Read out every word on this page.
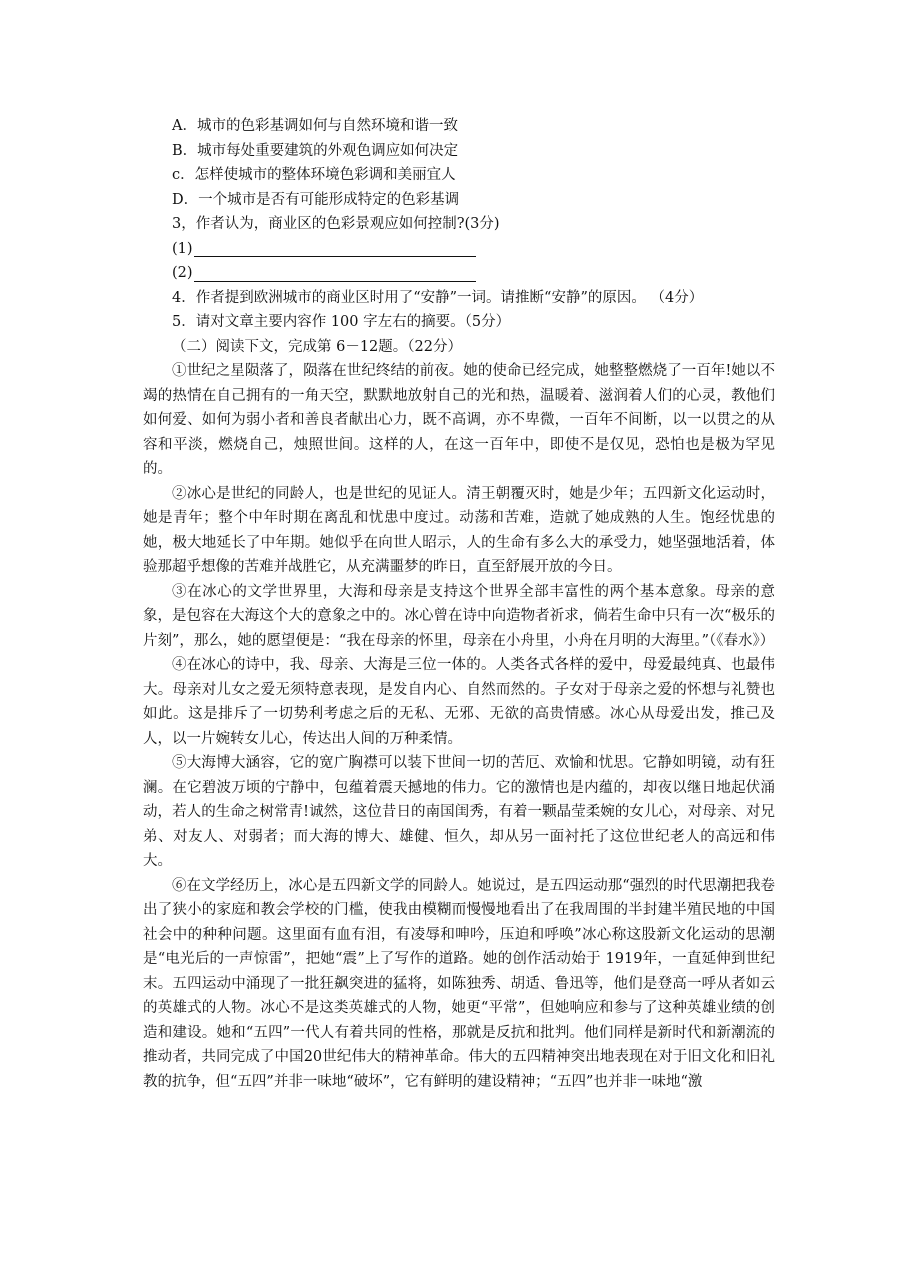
A．城市的色彩基调如何与自然环境和谐一致
B．城市每处重要建筑的外观色调应如何决定
c．怎样使城市的整体环境色彩调和美丽宜人
D．一个城市是否有可能形成特定的色彩基调
3，作者认为，商业区的色彩景观应如何控制?(3分)
(1)
(2)

4．作者提到欧洲城市的商业区时用了“安静”一词。请推断“安静”的原因。 （4分）

5．请对文章主要内容作 100 字左右的摘要。（5分）
（二）阅读下文，完成第 6－12题。（22分）

①世纪之星陨落了，陨落在世纪终结的前夜。她的使命已经完成，她整整燃烧了一百年!她以不竭的热情在自己拥有的一角天空，默默地放射自己的光和热，温暖着、滋润着人们的心灵，教他们如何爱、如何为弱小者和善良者献出心力，既不高调，亦不卑微，一百年不间断，以一以贯之的从容和平淡，燃烧自己，烛照世间。这样的人，在这一百年中，即使不是仅见，恐怕也是极为罕见的。

②冰心是世纪的同龄人，也是世纪的见证人。清王朝覆灭时，她是少年；五四新文化运动时，她是青年；整个中年时期在离乱和忧患中度过。动荡和苦难，造就了她成熟的人生。饱经忧患的她，极大地延长了中年期。她似乎在向世人昭示，人的生命有多么大的承受力，她坚强地活着，体验那超乎想像的苦难并战胜它，从充满噩梦的昨日，直至舒展开放的今日。

③在冰心的文学世界里，大海和母亲是支持这个世界全部丰富性的两个基本意象。母亲的意象，是包容在大海这个大的意象之中的。冰心曾在诗中向造物者祈求，倘若生命中只有一次“极乐的片刻”，那么，她的愿望便是：“我在母亲的怀里，母亲在小舟里，小舟在月明的大海里。”（《春水》）

④在冰心的诗中，我、母亲、大海是三位一体的。人类各式各样的爱中，母爱最纯真、也最伟大。母亲对儿女之爱无须特意表现，是发自内心、自然而然的。子女对于母亲之爱的怀想与礼赞也如此。这是排斥了一切势利考虑之后的无私、无邪、无欲的高贵情感。冰心从母爱出发，推己及人，以一片婉转女儿心，传达出人间的万种柔情。

⑤大海博大涵容，它的宽广胸襟可以装下世间一切的苦厄、欢愉和忧思。它静如明镜，动有狂澜。在它碧波万顷的宁静中，包蕴着震天撼地的伟力。它的激情也是内蕴的，却夜以继日地起伏涌动，若人的生命之树常青!诚然，这位昔日的南国闺秀，有着一颗晶莹柔婉的女儿心，对母亲、对兄弟、对友人、对弱者；而大海的博大、雄健、恒久，却从另一面衬托了这位世纪老人的高远和伟大。

⑥在文学经历上，冰心是五四新文学的同龄人。她说过，是五四运动那“强烈的时代思潮把我卷出了狭小的家庭和教会学校的门槛，使我由模糊而慢慢地看出了在我周围的半封建半殖民地的中国社会中的种种问题。这里面有血有泪，有凌辱和呻吟，压迫和呼唤”冰心称这股新文化运动的思潮是“电光后的一声惊雷”，把她“震”上了写作的道路。她的创作活动始于 1919年，一直延伸到世纪末。五四运动中涌现了一批狂飙突进的猛将，如陈独秀、胡适、鲁迅等，他们是登高一呼从者如云的英雄式的人物。冰心不是这类英雄式的人物，她更“平常”，但她响应和参与了这种英雄业绩的创造和建设。她和“五四”一代人有着共同的性格，那就是反抗和批判。他们同样是新时代和新潮流的推动者，共同完成了中国20世纪伟大的精神革命。伟大的五四精神突出地表现在对于旧文化和旧礼教的抗争，但“五四”并非一味地“破坏”，它有鲜明的建设精神；“五四”也并非一味地“激
